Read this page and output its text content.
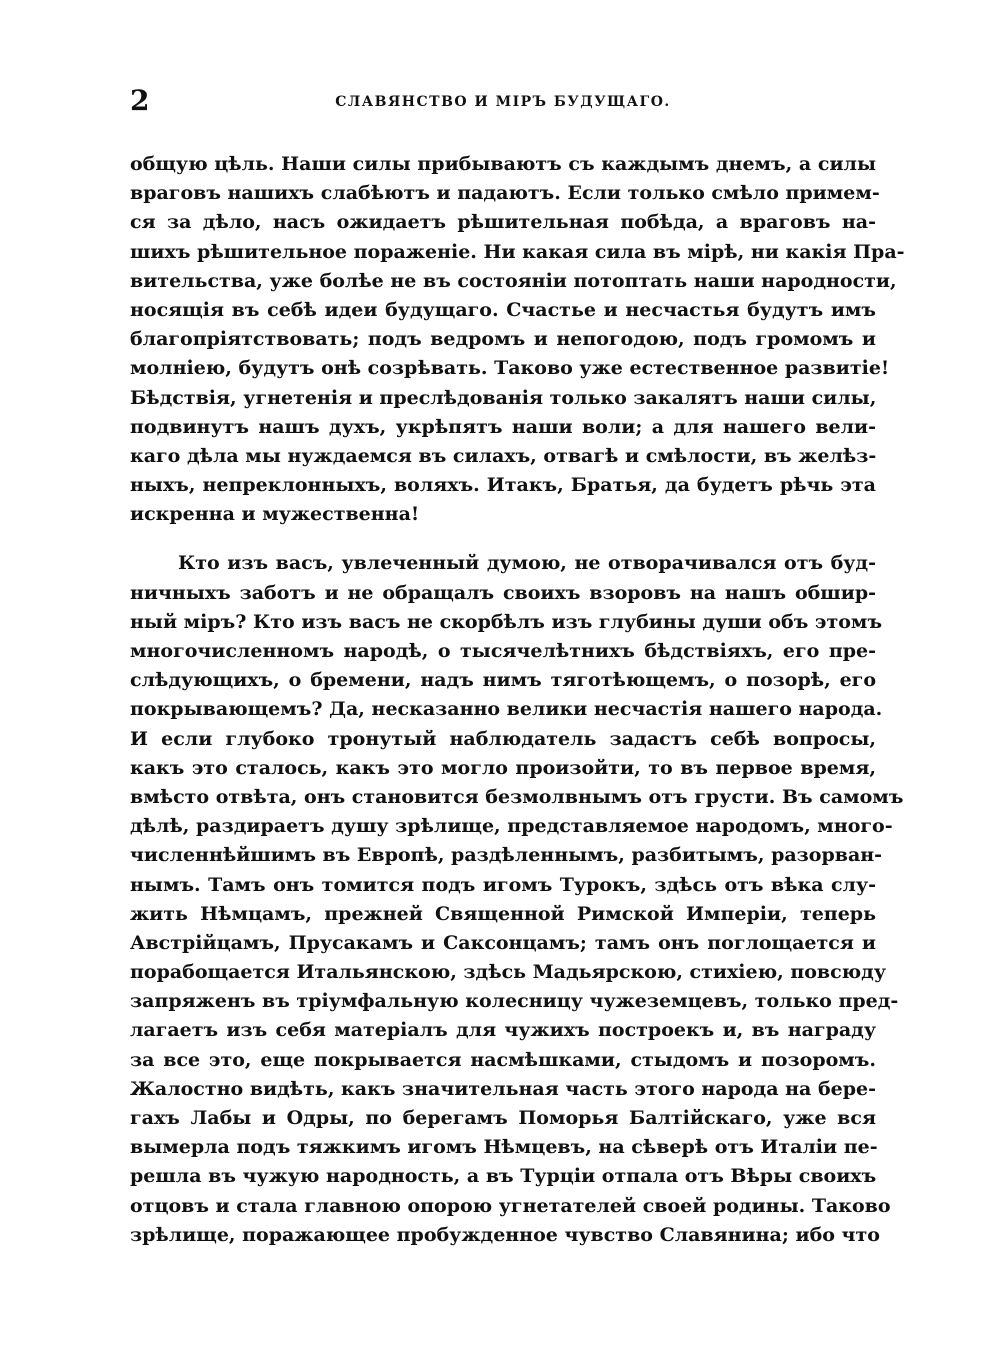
2	СЛАВЯНСТВО И МІРЪ БУДУЩАГО.
общую цѣль. Наши силы прибываютъ съ каждымъ днемъ, а силы
враговъ нашихъ слабѣютъ и падаютъ. Если только смѣло примем-
ся за дѣло, насъ ожидаетъ рѣшительная побѣда, а враговъ на-
шихъ рѣшительное пораженіе. Ни какая сила въ мірѣ, ни какія Пра-
вительства, уже болѣе не въ состояніи потоптать наши народности,
носящія въ себѣ идеи будущаго. Счастье и несчастья будутъ имъ
благопріятствовать; подъ ведромъ и непогодою, подъ громомъ и
молніею, будутъ онѣ созрѣвать. Таково уже естественное развитіе!
Бѣдствія, угнетенія и преслѣдованія только закалятъ наши силы,
подвинутъ нашъ духъ, укрѣпятъ наши воли; а для нашего вели-
каго дѣла мы нуждаемся въ силахъ, отвагѣ и смѣлости, въ желѣз-
ныхъ, непреклонныхъ, воляхъ. Итакъ, Братья, да будетъ рѣчь эта
искренна и мужественна!
Кто изъ васъ, увлеченный думою, не отворачивался отъ буд-
ничныхъ заботъ и не обращалъ своихъ взоровъ на нашъ обшир-
ный міръ? Кто изъ васъ не скорбѣлъ изъ глубины души объ этомъ
многочисленномъ народѣ, о тысячелѣтнихъ бѣдствіяхъ, его пре-
слѣдующихъ, о бремени, надъ нимъ тяготѣющемъ, о позорѣ, его
покрывающемъ? Да, несказанно велики несчастія нашего народа.
И если глубоко тронутый наблюдатель задастъ себѣ вопросы,
какъ это сталось, какъ это могло произойти, то въ первое время,
вмѣсто отвѣта, онъ становится безмолвнымъ отъ грусти. Въ самомъ
дѣлѣ, раздираетъ душу зрѣлище, представляемое народомъ, много-
численнѣйшимъ въ Европѣ, раздѣленнымъ, разбитымъ, разорван-
нымъ. Тамъ онъ томится подъ игомъ Турокъ, здѣсь отъ вѣка слу-
жить Нѣмцамъ, прежней Священной Римской Имперіи, теперь
Австрійцамъ, Прусакамъ и Саксонцамъ; тамъ онъ поглощается и
порабощается Итальянскою, здѣсь Мадьярскою, стихіею, повсюду
запряженъ въ тріумфальную колесницу чужеземцевъ, только пред-
лагаетъ изъ себя матеріалъ для чужихъ построекъ и, въ награду
за все это, еще покрывается насмѣшками, стыдомъ и позоромъ.
Жалостно видѣть, какъ значительная часть этого народа на бере-
гахъ Лабы и Одры, по берегамъ Поморья Балтійскаго, уже вся
вымерла подъ тяжкимъ игомъ Нѣмцевъ, на сѣверѣ отъ Италіи пе-
решла въ чужую народность, а въ Турціи отпала отъ Вѣры своихъ
отцовъ и стала главною опорою угнетателей своей родины. Таково
зрѣлище, поражающее пробужденное чувство Славянина; ибо что
